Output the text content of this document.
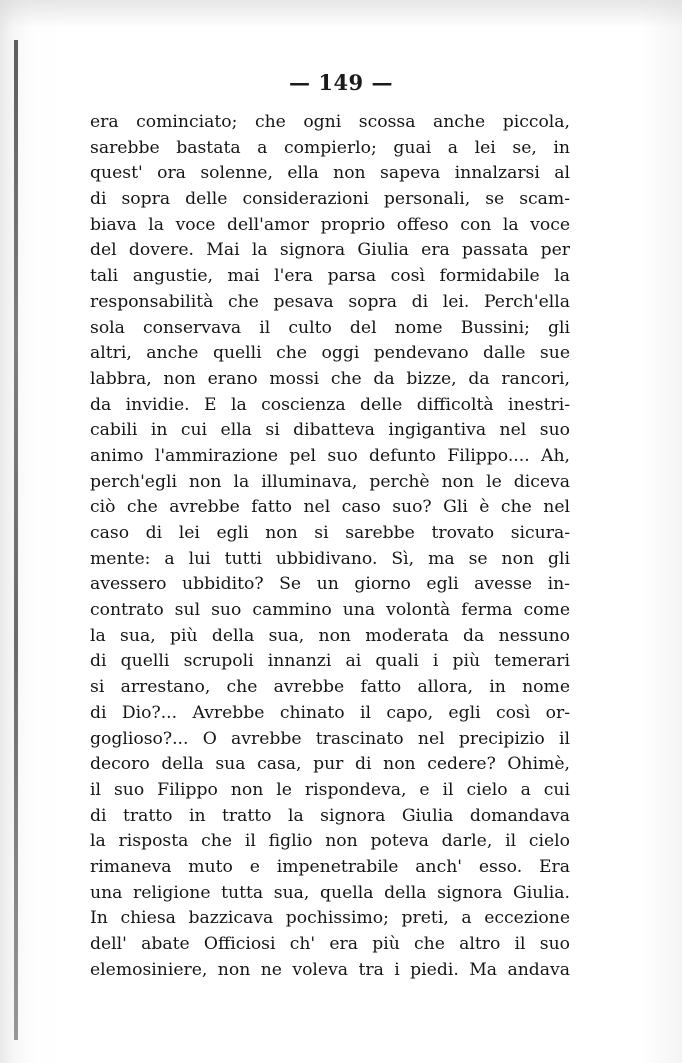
— 149 —
era cominciato; che ogni scossa anche piccola,
sarebbe bastata a compierlo; guai a lei se, in
quest' ora solenne, ella non sapeva innalzarsi al
di sopra delle considerazioni personali, se scam-
biava la voce dell'amor proprio offeso con la voce
del dovere. Mai la signora Giulia era passata per
tali angustie, mai l'era parsa così formidabile la
responsabilità che pesava sopra di lei. Perch'ella
sola conservava il culto del nome Bussini; gli
altri, anche quelli che oggi pendevano dalle sue
labbra, non erano mossi che da bizze, da rancori,
da invidie. E la coscienza delle difficoltà inestri-
cabili in cui ella si dibatteva ingigantiva nel suo
animo l'ammirazione pel suo defunto Filippo.... Ah,
perch'egli non la illuminava, perchè non le diceva
ciò che avrebbe fatto nel caso suo? Gli è che nel
caso di lei egli non si sarebbe trovato sicura-
mente: a lui tutti ubbidivano. Sì, ma se non gli
avessero ubbidito? Se un giorno egli avesse in-
contrato sul suo cammino una volontà ferma come
la sua, più della sua, non moderata da nessuno
di quelli scrupoli innanzi ai quali i più temerari
si arrestano, che avrebbe fatto allora, in nome
di Dio?... Avrebbe chinato il capo, egli così or-
goglioso?... O avrebbe trascinato nel precipizio il
decoro della sua casa, pur di non cedere? Ohimè,
il suo Filippo non le rispondeva, e il cielo a cui
di tratto in tratto la signora Giulia domandava
la risposta che il figlio non poteva darle, il cielo
rimaneva muto e impenetrabile anch' esso. Era
una religione tutta sua, quella della signora Giulia.
In chiesa bazzicava pochissimo; preti, a eccezione
dell' abate Officiosi ch' era più che altro il suo
elemosiniere, non ne voleva tra i piedi. Ma andava
